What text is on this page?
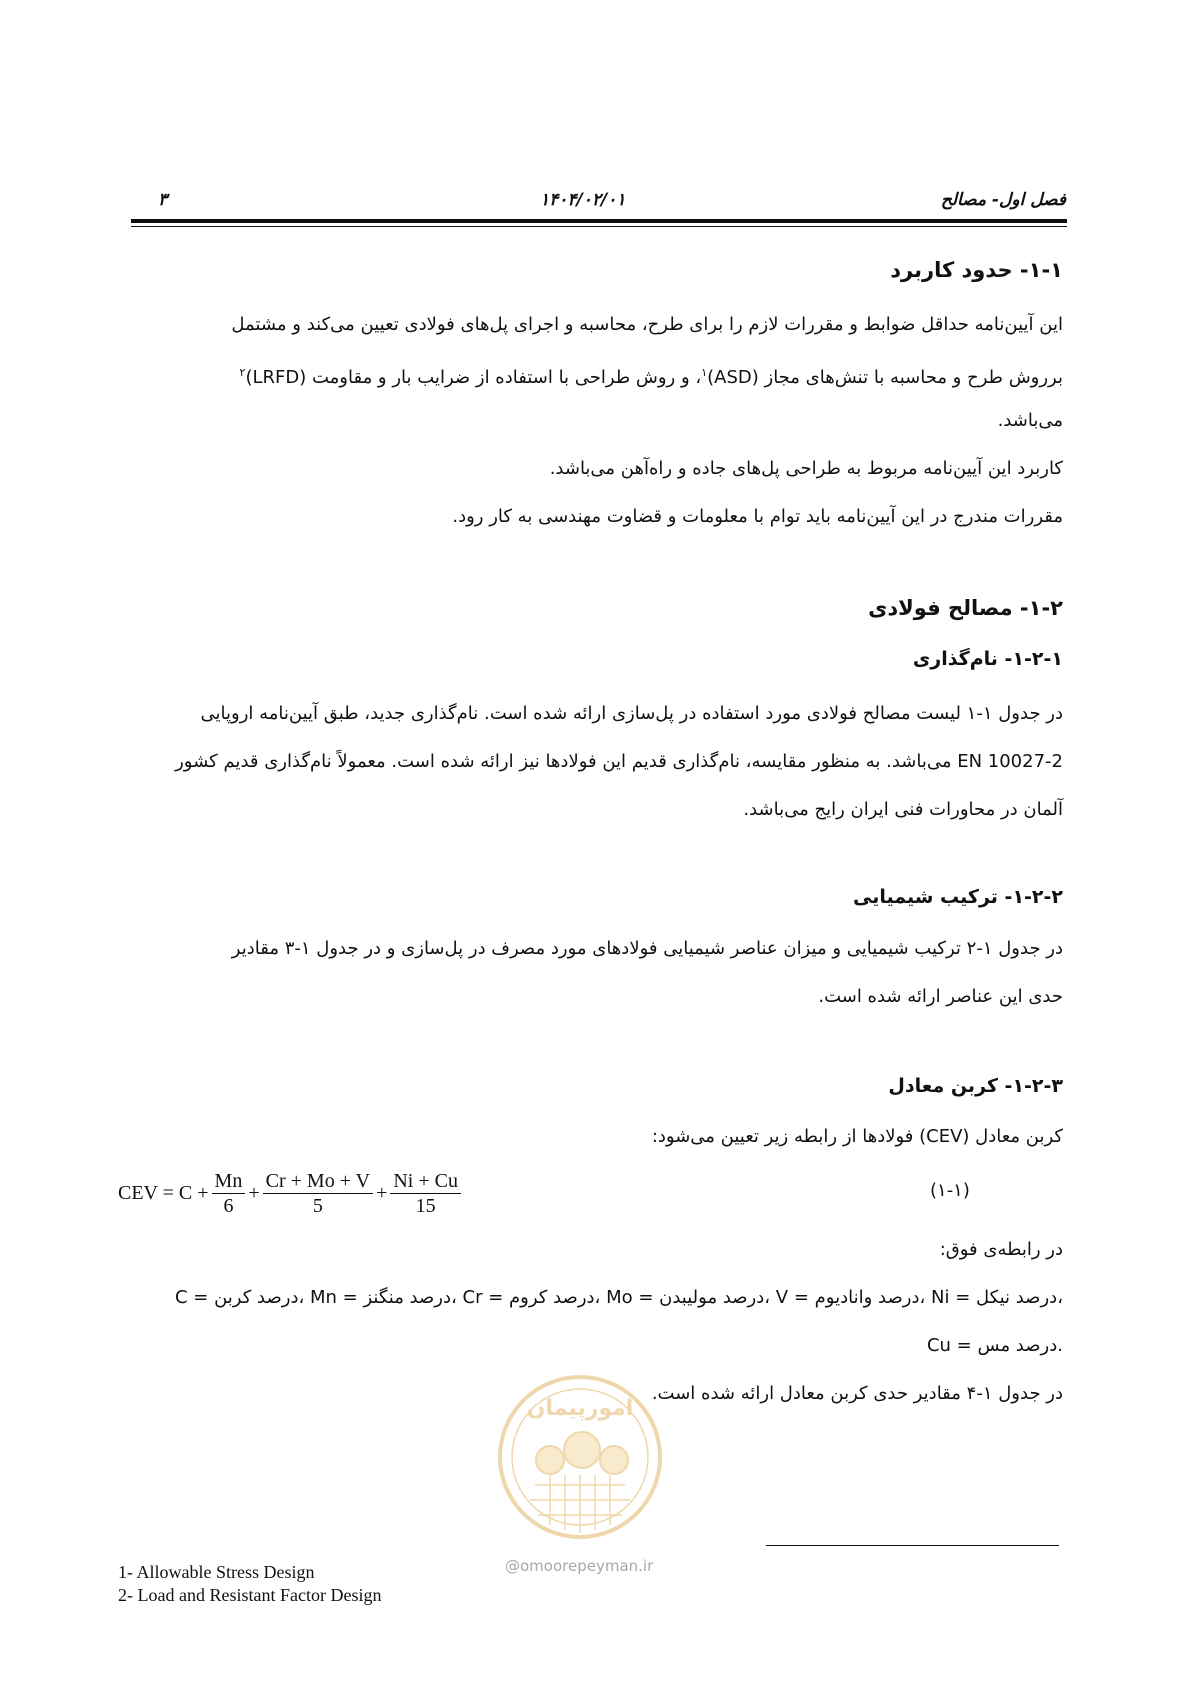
فصل اول- مصالح
۱۴۰۴/۰۲/۰۱
۳
۱-۱- حدود کاربرد
این آیین‌نامه حداقل ضوابط و مقررات لازم را برای طرح، محاسبه و اجرای پل‌های فولادی تعیین می‌کند و مشتمل
برروش طرح و محاسبه با تنش‌های مجاز (ASD)$^۱$، و روش طراحی با استفاده از ضرایب بار و مقاومت (LRFD)$^۲$
می‌باشد.
کاربرد این آیین‌نامه مربوط به طراحی پل‌های جاده و راه‌آهن می‌باشد.
مقررات مندرج در این آیین‌نامه باید توام با معلومات و قضاوت مهندسی به کار رود.
۱-۲- مصالح فولادی
۱-۲-۱- نام‌گذاری
در جدول ۱-۱ لیست مصالح فولادی مورد استفاده در پل‌سازی ارائه شده است. نام‌گذاری جدید، طبق آیین‌نامه اروپایی
EN 10027-2 می‌باشد. به منظور مقایسه، نام‌گذاری قدیم این فولادها نیز ارائه شده است. معمولاً نام‌گذاری قدیم کشور
آلمان در محاورات فنی ایران رایج می‌باشد.
۱-۲-۲- ترکیب شیمیایی
در جدول ۱-۲ ترکیب شیمیایی و میزان عناصر شیمیایی فولادهای مورد مصرف در پل‌سازی و در جدول ۱-۳ مقادیر
حدی این عناصر ارائه شده است.
۱-۲-۳- کربن معادل
کربن معادل (CEV) فولادها از رابطه زیر تعیین می‌شود:
CEV = $C + \frac{Mn}{6} + \frac{Cr + Mo + V}{5} + \frac{Ni + Cu}{15}$	(۱-۱)
در رابطه‌ی فوق:
C = درصد کربن، Mn = درصد منگنز، Cr = درصد کروم، Mo = درصد مولیبدن، V = درصد وانادیوم، Ni = درصد نیکل،
Cu = درصد مس.
در جدول ۱-۴ مقادیر حدی کربن معادل ارائه شده است.
امورپیمان
@omoorepeyman.ir
1- Allowable Stress Design
2- Load and Resistant Factor Design
